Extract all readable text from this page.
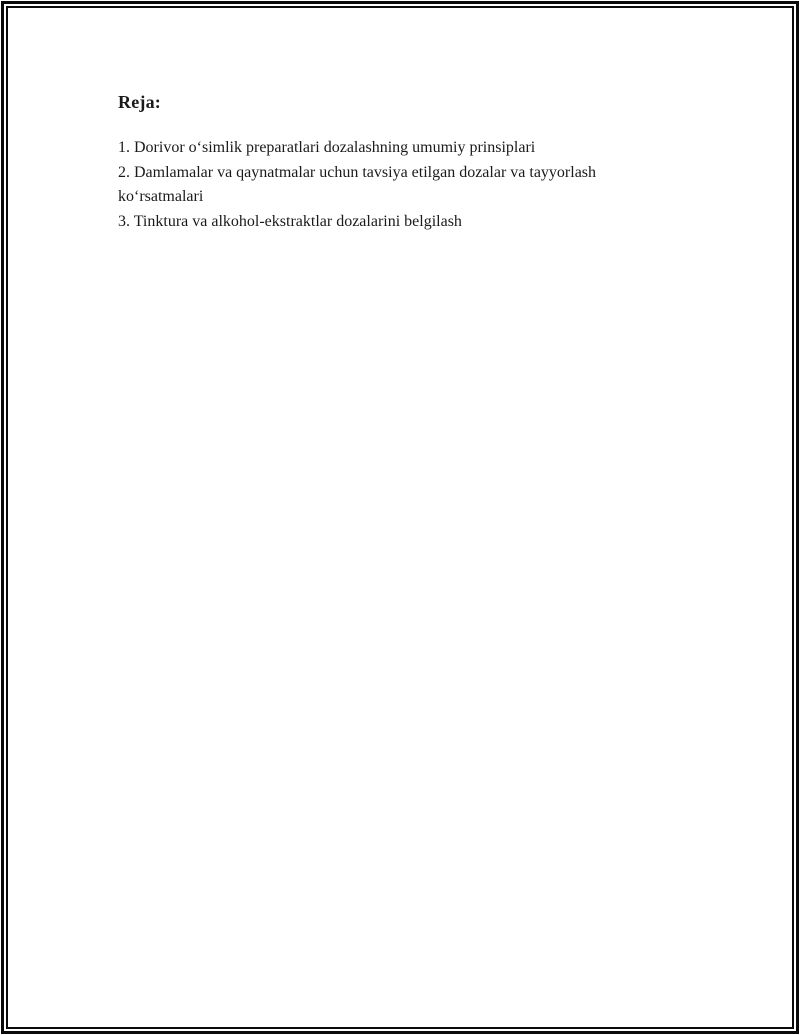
Reja:

1. Dorivor o‘simlik preparatlari dozalashning umumiy prinsiplari

2. Damlamalar va qaynatmalar uchun tavsiya etilgan dozalar va tayyorlash ko‘rsatmalari

3. Tinktura va alkohol-ekstraktlar dozalarini belgilash
